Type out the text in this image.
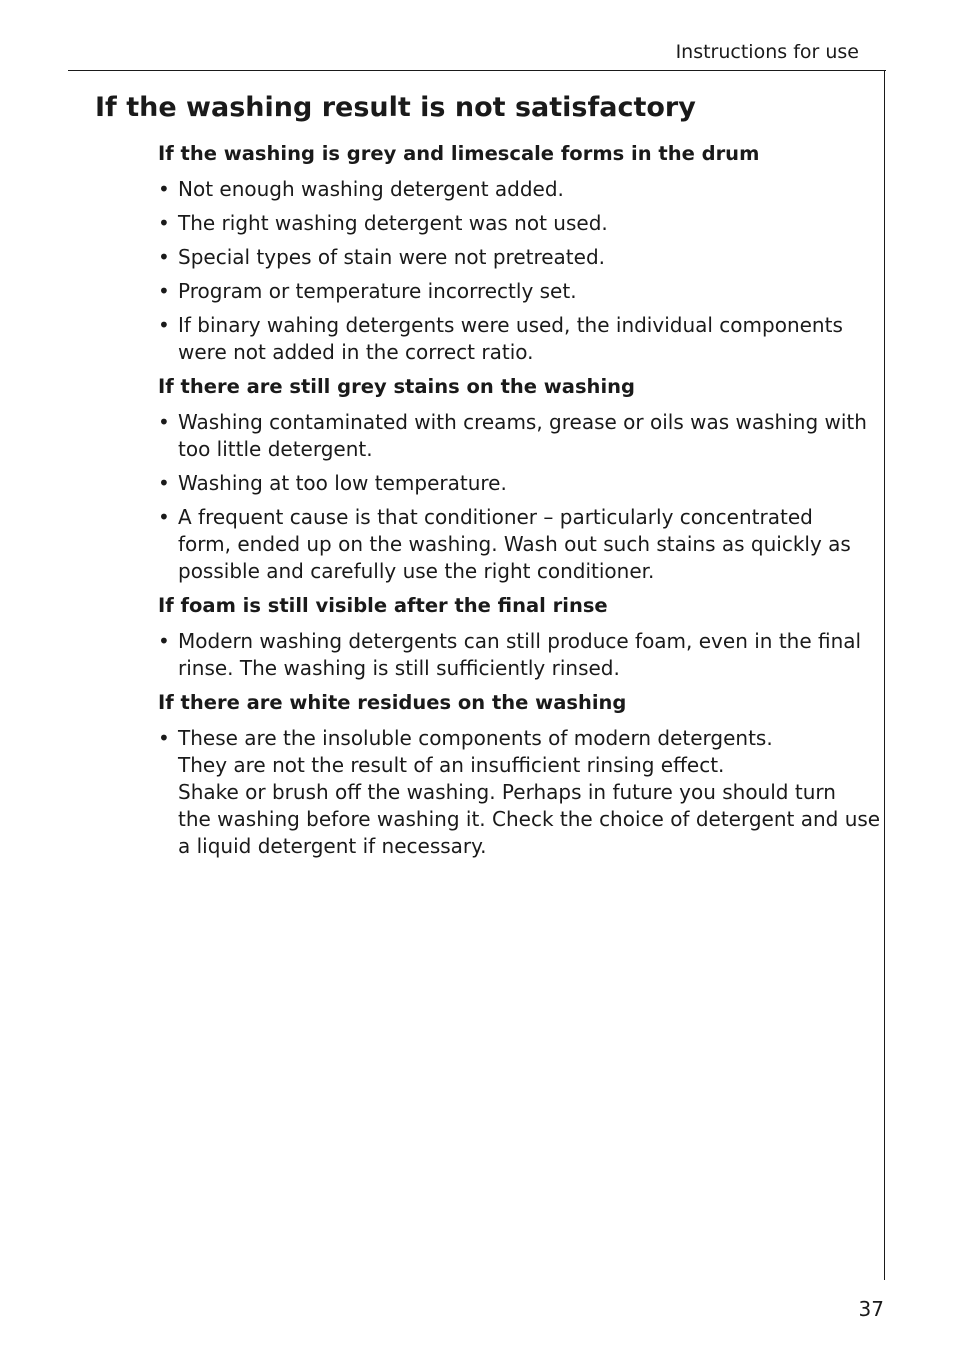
Instructions for use
If the washing result is not satisfactory
If the washing is grey and limescale forms in the drum
• Not enough washing detergent added.
• The right washing detergent was not used.
• Special types of stain were not pretreated.
• Program or temperature incorrectly set.
• If binary wahing detergents were used, the individual components
were not added in the correct ratio.
If there are still grey stains on the washing
• Washing contaminated with creams, grease or oils was washing with
too little detergent.
• Washing at too low temperature.
• A frequent cause is that conditioner – particularly concentrated
form, ended up on the washing. Wash out such stains as quickly as
possible and carefully use the right conditioner.
If foam is still visible after the final rinse
• Modern washing detergents can still produce foam, even in the final
rinse. The washing is still sufficiently rinsed.
If there are white residues on the washing
• These are the insoluble components of modern detergents.
They are not the result of an insufficient rinsing effect.
Shake or brush off the washing. Perhaps in future you should turn
the washing before washing it. Check the choice of detergent and use
a liquid detergent if necessary.
37
